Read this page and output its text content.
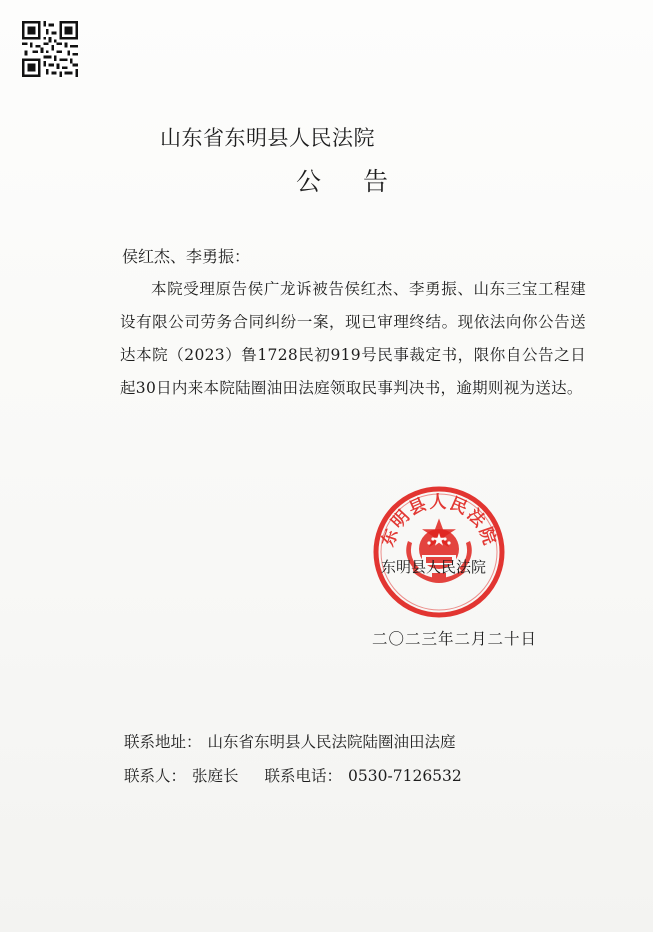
山东省东明县人民法院
公告
侯红杰、李勇振：
本院受理原告侯广龙诉被告侯红杰、李勇振、山东三宝工程建设有限公司劳务合同纠纷一案，现已审理终结。现依法向你公告送达本院（2023）鲁1728民初919号民事裁定书，限你自公告之日起30日内来本院陆圈油田法庭领取民事判决书，逾期则视为送达。
东明县人民法院
东明县人民法院
二〇二三年二月二十日
联系地址： 山东省东明县人民法院陆圈油田法庭
联系人： 张庭长 联系电话： 0530-7126532
